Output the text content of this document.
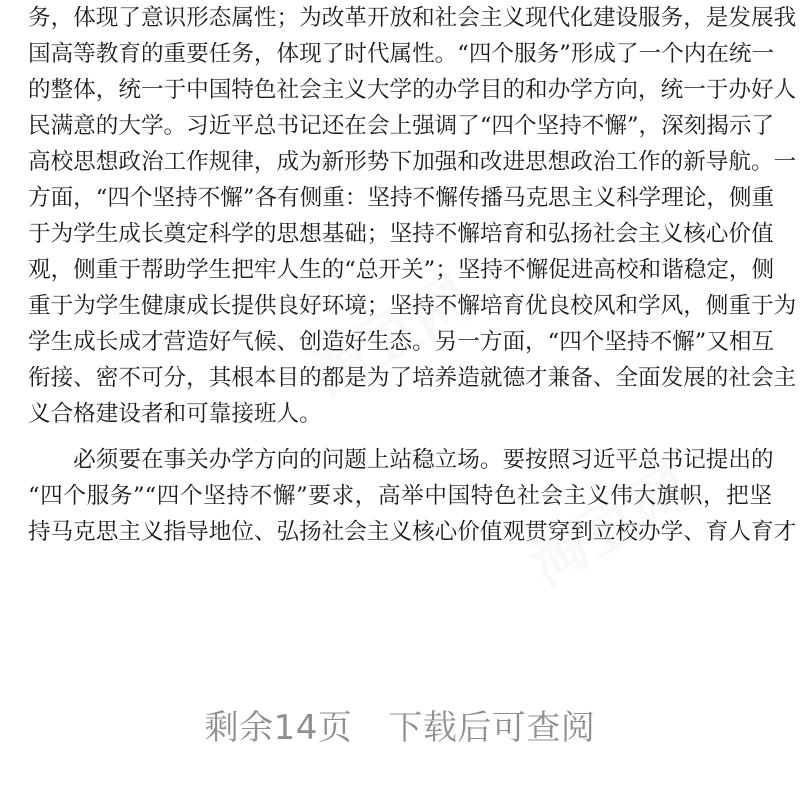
淘豆网
淘豆网
务，体现了意识形态属性；为改革开放和社会主义现代化建设服务，是发展我
国高等教育的重要任务，体现了时代属性。“四个服务”形成了一个内在统一
的整体，统一于中国特色社会主义大学的办学目的和办学方向，统一于办好人
民满意的大学。习近平总书记还在会上强调了“四个坚持不懈”，深刻揭示了
高校思想政治工作规律，成为新形势下加强和改进思想政治工作的新导航。一
方面，“四个坚持不懈”各有侧重：坚持不懈传播马克思主义科学理论，侧重
于为学生成长奠定科学的思想基础；坚持不懈培育和弘扬社会主义核心价值
观，侧重于帮助学生把牢人生的“总开关”；坚持不懈促进高校和谐稳定，侧
重于为学生健康成长提供良好环境；坚持不懈培育优良校风和学风，侧重于为
学生成长成才营造好气候、创造好生态。另一方面，“四个坚持不懈”又相互
衔接、密不可分，其根本目的都是为了培养造就德才兼备、全面发展的社会主
义合格建设者和可靠接班人。
　　必须要在事关办学方向的问题上站稳立场。要按照习近平总书记提出的
“四个服务”“四个坚持不懈”要求，高举中国特色社会主义伟大旗帜，把坚
持马克思主义指导地位、弘扬社会主义核心价值观贯穿到立校办学、育人育才
剩余14页 下载后可查阅
